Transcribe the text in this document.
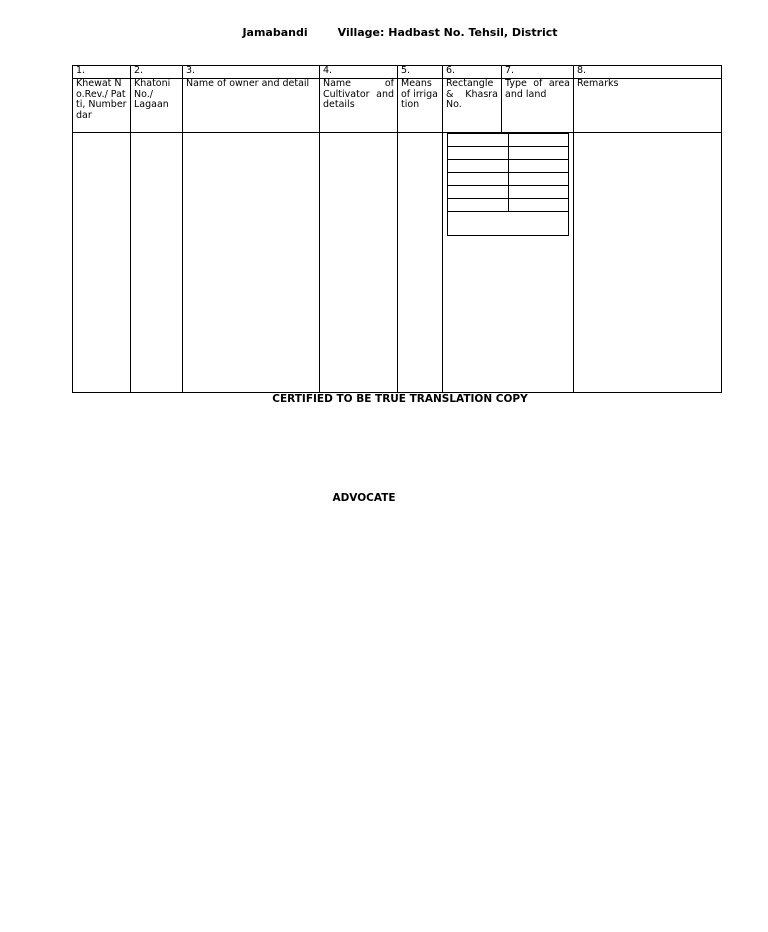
Jamabandi	Village: Hadbast No. Tehsil, District
1.	2.	3.	4.	5.	6.	7.	8.
Khewat No.Rev./ Patti, Numberdar	Khatoni No./ Lagaan	Name of owner and detail	Name of Cultivator and details	Means of irrigation	Rectangle & Khasra No.	Type of area and land	Remarks

CERTIFIED TO BE TRUE TRANSLATION COPY
ADVOCATE
